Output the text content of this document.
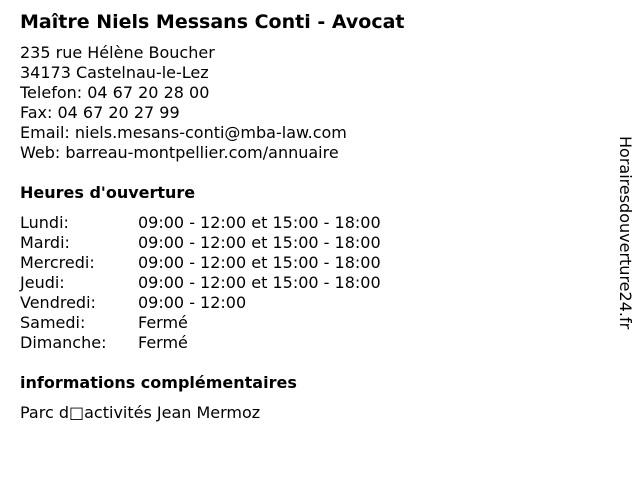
Maître Niels Messans Conti - Avocat
235 rue Hélène Boucher
34173 Castelnau-le-Lez
Telefon: 04 67 20 28 00
Fax: 04 67 20 27 99
Email: niels.mesans-conti@mba-law.com
Web: barreau-montpellier.com/annuaire
Heures d'ouverture
Lundi:	09:00 - 12:00 et 15:00 - 18:00
Mardi:	09:00 - 12:00 et 15:00 - 18:00
Mercredi:	09:00 - 12:00 et 15:00 - 18:00
Jeudi:	09:00 - 12:00 et 15:00 - 18:00
Vendredi:	09:00 - 12:00
Samedi:	Fermé
Dimanche: Fermé
informations complémentaires
Parc d□activités Jean Mermoz
Horairesdouverture24.fr
